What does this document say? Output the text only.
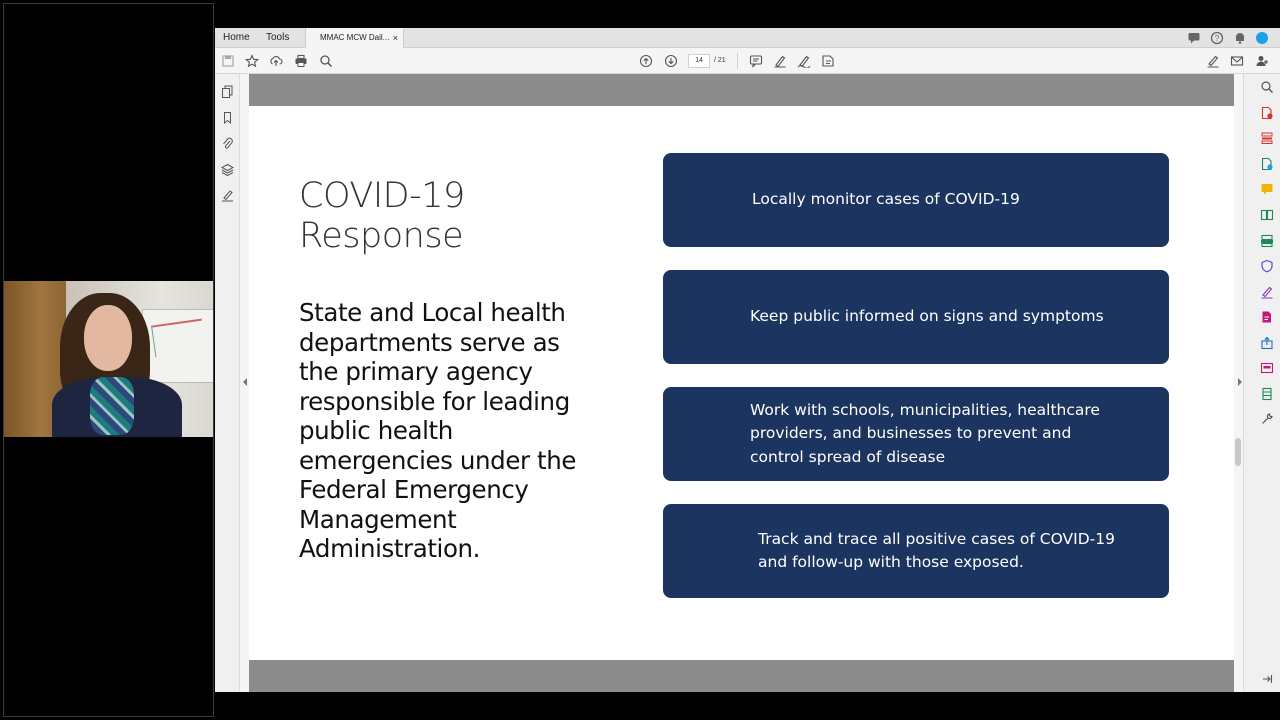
Home Tools	MMAC MCW Dail... ×	?
14	/ 21
COVID-19
Response
State and Local health
departments serve as
the primary agency
responsible for leading
public health
emergencies under the
Federal Emergency
Management
Administration.
Locally monitor cases of COVID-19
Keep public informed on signs and symptoms
Work with schools, municipalities, healthcare
providers, and businesses to prevent and
control spread of disease
Track and trace all positive cases of COVID-19
and follow-up with those exposed.
